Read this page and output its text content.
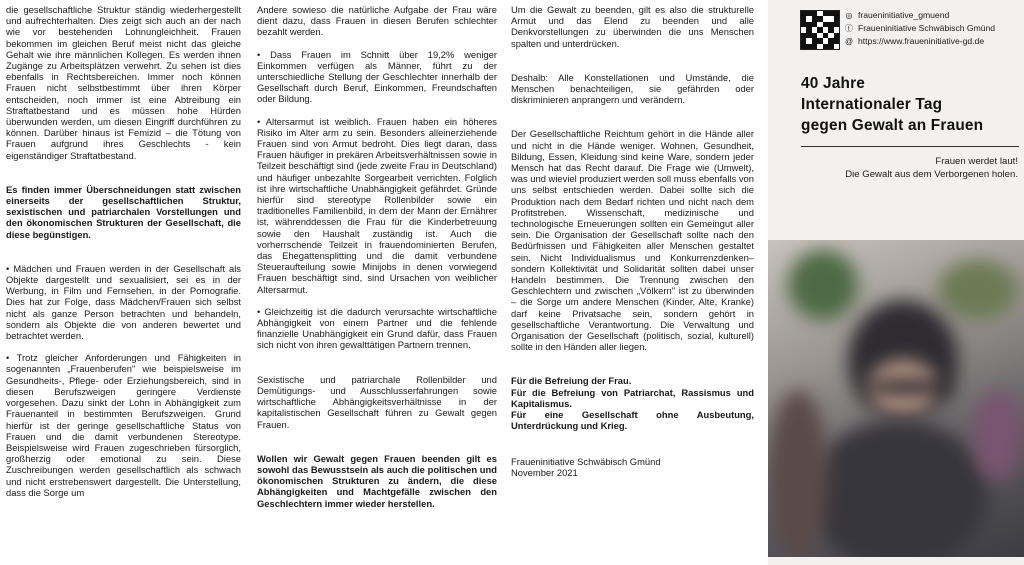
die gesellschaftliche Struktur ständig wiederhergestellt und aufrechterhalten. Dies zeigt sich auch an der nach wie vor bestehenden Lohnungleichheit. Frauen bekommen im gleichen Beruf meist nicht das gleiche Gehalt wie ihre männlichen Kollegen. Es werden ihnen Zugänge zu Arbeitsplätzen verwehrt. Zu sehen ist dies ebenfalls in Rechtsbereichen. Immer noch können Frauen nicht selbstbestimmt über ihren Körper entscheiden, noch immer ist eine Abtreibung ein Straftatbestand und es müssen hohe Hürden überwunden werden, um diesen Eingriff durchführen zu können. Darüber hinaus ist Femizid – die Tötung von Frauen aufgrund ihres Geschlechts - kein eigenständiger Straftatbestand.

Es finden immer Überschneidungen statt zwischen einerseits der gesellschaftlichen Struktur, sexistischen und patriarchalen Vorstellungen und den ökonomischen Strukturen der Gesellschaft, die diese begünstigen.

• Mädchen und Frauen werden in der Gesellschaft als Objekte dargestellt und sexualisiert, sei es in der Werbung, in Film und Fernsehen, in der Pornografie. Dies hat zur Folge, dass Mädchen/Frauen sich selbst nicht als ganze Person betrachten und behandeln, sondern als Objekte die von anderen bewertet und betrachtet werden.

• Trotz gleicher Anforderungen und Fähigkeiten in sogenannten „Frauenberufen" wie beispielsweise im Gesundheits-, Pflege- oder Erziehungsbereich, sind in diesen Berufszweigen geringere Verdienste vorgesehen. Dazu sinkt der Lohn in Abhängigkeit zum Frauenanteil in bestimmten Berufszweigen. Grund hierfür ist der geringe gesellschaftliche Status von Frauen und die damit verbundenen Stereotype. Beispielsweise wird Frauen zugeschrieben fürsorglich, großherzig oder emotional zu sein. Diese Zuschreibungen werden gesellschaftlich als schwach und nicht erstrebenswert dargestellt. Die Unterstellung, dass die Sorge um

Andere sowieso die natürliche Aufgabe der Frau wäre dient dazu, dass Frauen in diesen Berufen schlechter bezahlt werden.

• Dass Frauen im Schnitt über 19,2% weniger Einkommen verfügen als Männer, führt zu der unterschiedliche Stellung der Geschlechter innerhalb der Gesellschaft durch Beruf, Einkommen, Freundschaften oder Bildung.

• Altersarmut ist weiblich. Frauen haben ein höheres Risiko im Alter arm zu sein. Besonders alleinerziehende Frauen sind von Armut bedroht. Dies liegt daran, dass Frauen häufiger in prekären Arbeitsverhältnissen sowie in Teilzeit beschäftigt sind (jede zweite Frau in Deutschland) und häufiger unbezahlte Sorgearbeit verrichten. Folglich ist ihre wirtschaftliche Unabhängigkeit gefährdet. Gründe hierfür sind stereotype Rollenbilder sowie ein traditionelles Familienbild, in dem der Mann der Ernährer ist, währenddessen die Frau für die Kinderbetreuung sowie den Haushalt zuständig ist. Auch die vorherrschende Teilzeit in frauendominierten Berufen, das Ehegattensplitting und die damit verbundene Steueraufteilung sowie Minijobs in denen vorwiegend Frauen beschäftigt sind, sind Ursachen von weiblicher Altersarmut.

• Gleichzeitig ist die dadurch verursachte wirtschaftliche Abhängigkeit von einem Partner und die fehlende finanzielle Unabhängigkeit ein Grund dafür, dass Frauen sich nicht von ihren gewalttätigen Partnern trennen.

Sexistische und patriarchale Rollenbilder und Demütigungs- und Ausschlusserfahrungen sowie wirtschaftliche Abhängigkeitsverhältnisse in der kapitalistischen Gesellschaft führen zu Gewalt gegen Frauen.

Wollen wir Gewalt gegen Frauen beenden gilt es sowohl das Bewusstsein als auch die politischen und ökonomischen Strukturen zu ändern, die diese Abhängigkeiten und Machtgefälle zwischen den Geschlechtern immer wieder herstellen.

Um die Gewalt zu beenden, gilt es also die strukturelle Armut und das Elend zu beenden und alle Denkvorstellungen zu überwinden die uns Menschen spalten und unterdrücken.

Deshalb: Alle Konstellationen und Umstände, die Menschen benachteiligen, sie gefährden oder diskriminieren anprangern und verändern.

Der Gesellschaftliche Reichtum gehört in die Hände aller und nicht in die Hände weniger. Wohnen, Gesundheit, Bildung, Essen, Kleidung sind keine Ware, sondern jeder Mensch hat das Recht darauf. Die Frage wie (Umwelt), was und wieviel produziert werden soll muss ebenfalls von uns selbst entschieden werden. Dabei sollte sich die Produktion nach dem Bedarf richten und nicht nach dem Profitstreben. Wissenschaft, medizinische und technologische Erneuerungen sollten ein Gemeingut aller sein. Die Organisation der Gesellschaft sollte nach den Bedürfnissen und Fähigkeiten aller Menschen gestaltet sein. Nicht Individualismus und Konkurrenzdenken– sondern Kollektivität und Solidarität sollten dabei unser Handeln bestimmen. Die Trennung zwischen den Geschlechtern und zwischen „Völkern" ist zu überwinden – die Sorge um andere Menschen (Kinder, Alte, Kranke) darf keine Privatsache sein, sondern gehört in gesellschaftliche Verantwortung. Die Verwaltung und Organisation der Gesellschaft (politisch, sozial, kulturell) sollte in den Händen aller liegen.

Für die Befreiung der Frau.
Für die Befreiung von Patriarchat, Rassismus und Kapitalismus.
Für eine Gesellschaft ohne Ausbeutung, Unterdrückung und Krieg.
Fraueninitiative Schwäbisch Gmünd
November 2021
◎ fraueninitiative_gmuend
ⓕ Fraueninitiative Schwäbisch Gmünd
@ https://www.fraueninitiative-gd.de
40 Jahre
Internationaler Tag
gegen Gewalt an Frauen
Frauen werdet laut!
Die Gewalt aus dem Verborgenen holen.
